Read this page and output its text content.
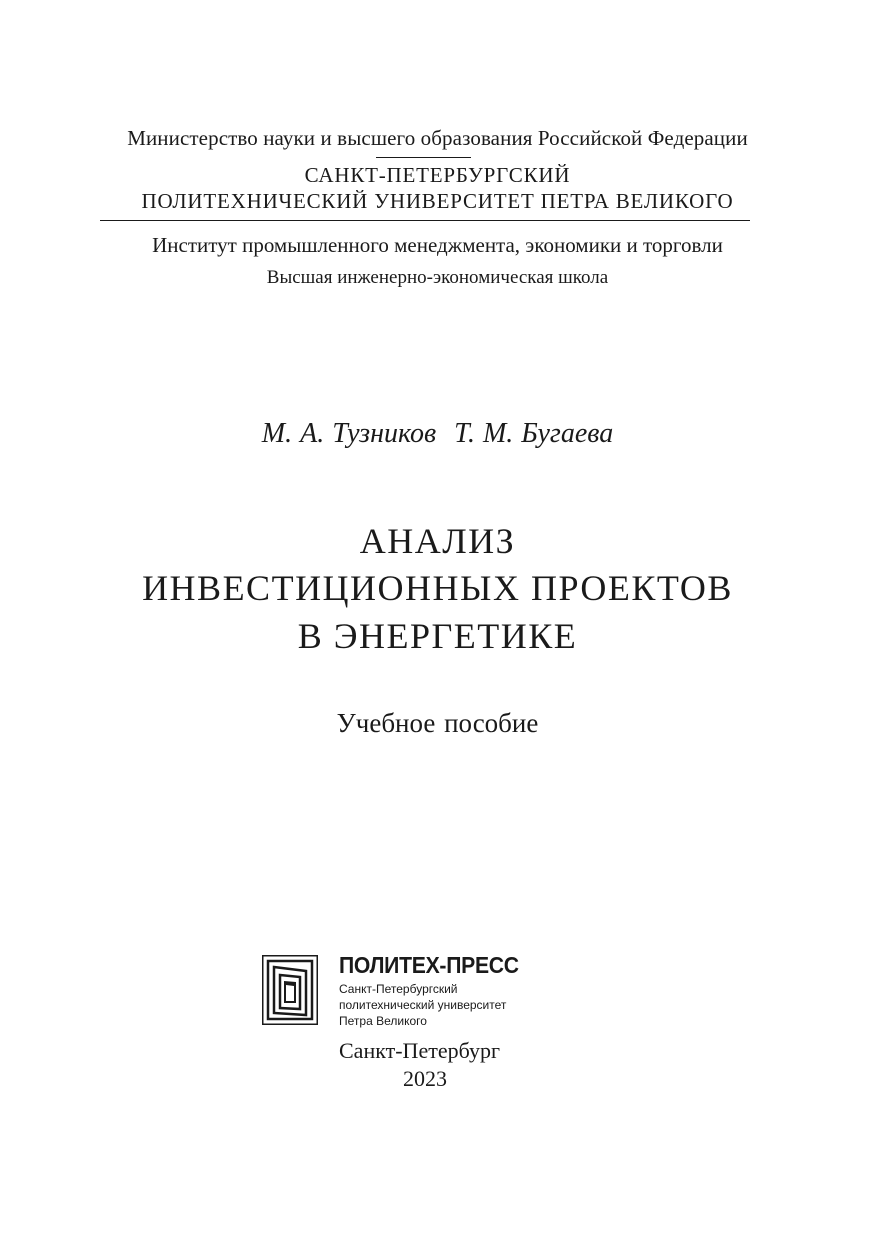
Министерство науки и высшего образования Российской Федерации
САНКТ-ПЕТЕРБУРГСКИЙ
ПОЛИТЕХНИЧЕСКИЙ УНИВЕРСИТЕТ ПЕТРА ВЕЛИКОГО
Институт промышленного менеджмента, экономики и торговли
Высшая инженерно-экономическая школа
М. А. Тузников Т. М. Бугаева
АНАЛИЗ
ИНВЕСТИЦИОННЫХ ПРОЕКТОВ
В ЭНЕРГЕТИКЕ
Учебное пособие
ПОЛИТЕХ-ПРЕСС
Санкт-Петербургский
политехнический университет
Петра Великого
Санкт-Петербург
2023
